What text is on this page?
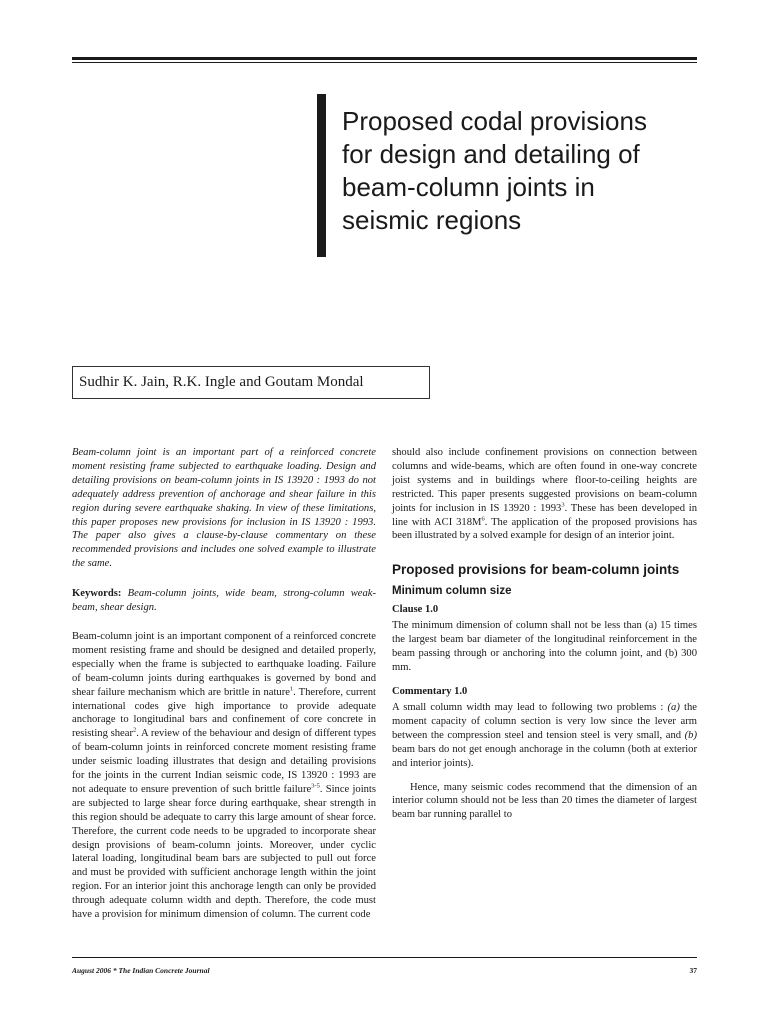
Proposed codal provisions
for design and detailing of
beam-column joints in
seismic regions
Sudhir K. Jain, R.K. Ingle and Goutam Mondal

Beam-column joint is an important part of a reinforced concrete moment resisting frame subjected to earthquake loading. Design and detailing provisions on beam-column joints in IS 13920 : 1993 do not adequately address prevention of anchorage and shear failure in this region during severe earthquake shaking. In view of these limitations, this paper proposes new provisions for inclusion in IS 13920 : 1993. The paper also gives a clause-by-clause commentary on these recommended provisions and includes one solved example to illustrate the same.

Keywords: Beam-column joints, wide beam, strong-column weak-beam, shear design.

Beam-column joint is an important component of a reinforced concrete moment resisting frame and should be designed and detailed properly, especially when the frame is subjected to earthquake loading. Failure of beam-column joints during earthquakes is governed by bond and shear failure mechanism which are brittle in nature$^1$. Therefore, current international codes give high importance to provide adequate anchorage to longitudinal bars and confinement of core concrete in resisting shear$^2$. A review of the behaviour and design of different types of beam-column joints in reinforced concrete moment resisting frame under seismic loading illustrates that design and detailing provisions for the joints in the current Indian seismic code, IS 13920 : 1993 are not adequate to ensure prevention of such brittle failure$^{3-5}$. Since joints are subjected to large shear force during earthquake, shear strength in this region should be adequate to carry this large amount of shear force. Therefore, the current code needs to be upgraded to incorporate shear design provisions of beam-column joints. Moreover, under cyclic lateral loading, longitudinal beam bars are subjected to pull out force and must be provided with sufficient anchorage length within the joint region. For an interior joint this anchorage length can only be provided through adequate column width and depth. Therefore, the code must have a provision for minimum dimension of column. The current code

should also include confinement provisions on connection between columns and wide-beams, which are often found in one-way concrete joist systems and in buildings where floor-to-ceiling heights are restricted. This paper presents suggested provisions on beam-column joints for inclusion in IS 13920 : 1993$^3$. These has been developed in line with ACI $318M^6$. The application of the proposed provisions has been illustrated by a solved example for design of an interior joint.

Proposed provisions for beam-column joints
Minimum column size
Clause 1.0

The minimum dimension of column shall not be less than (a) 15 times the largest beam bar diameter of the longitudinal reinforcement in the beam passing through or anchoring into the column joint, and (b) 300 mm.

Commentary 1.0

A small column width may lead to following two problems : (a) the moment capacity of column section is very low since the lever arm between the compression steel and tension steel is very small, and (b) beam bars do not get enough anchorage in the column (both at exterior and interior joints).

Hence, many seismic codes recommend that the dimension of an interior column should not be less than 20 times the diameter of largest beam bar running parallel to

August 2006 * The Indian Concrete Journal	37
